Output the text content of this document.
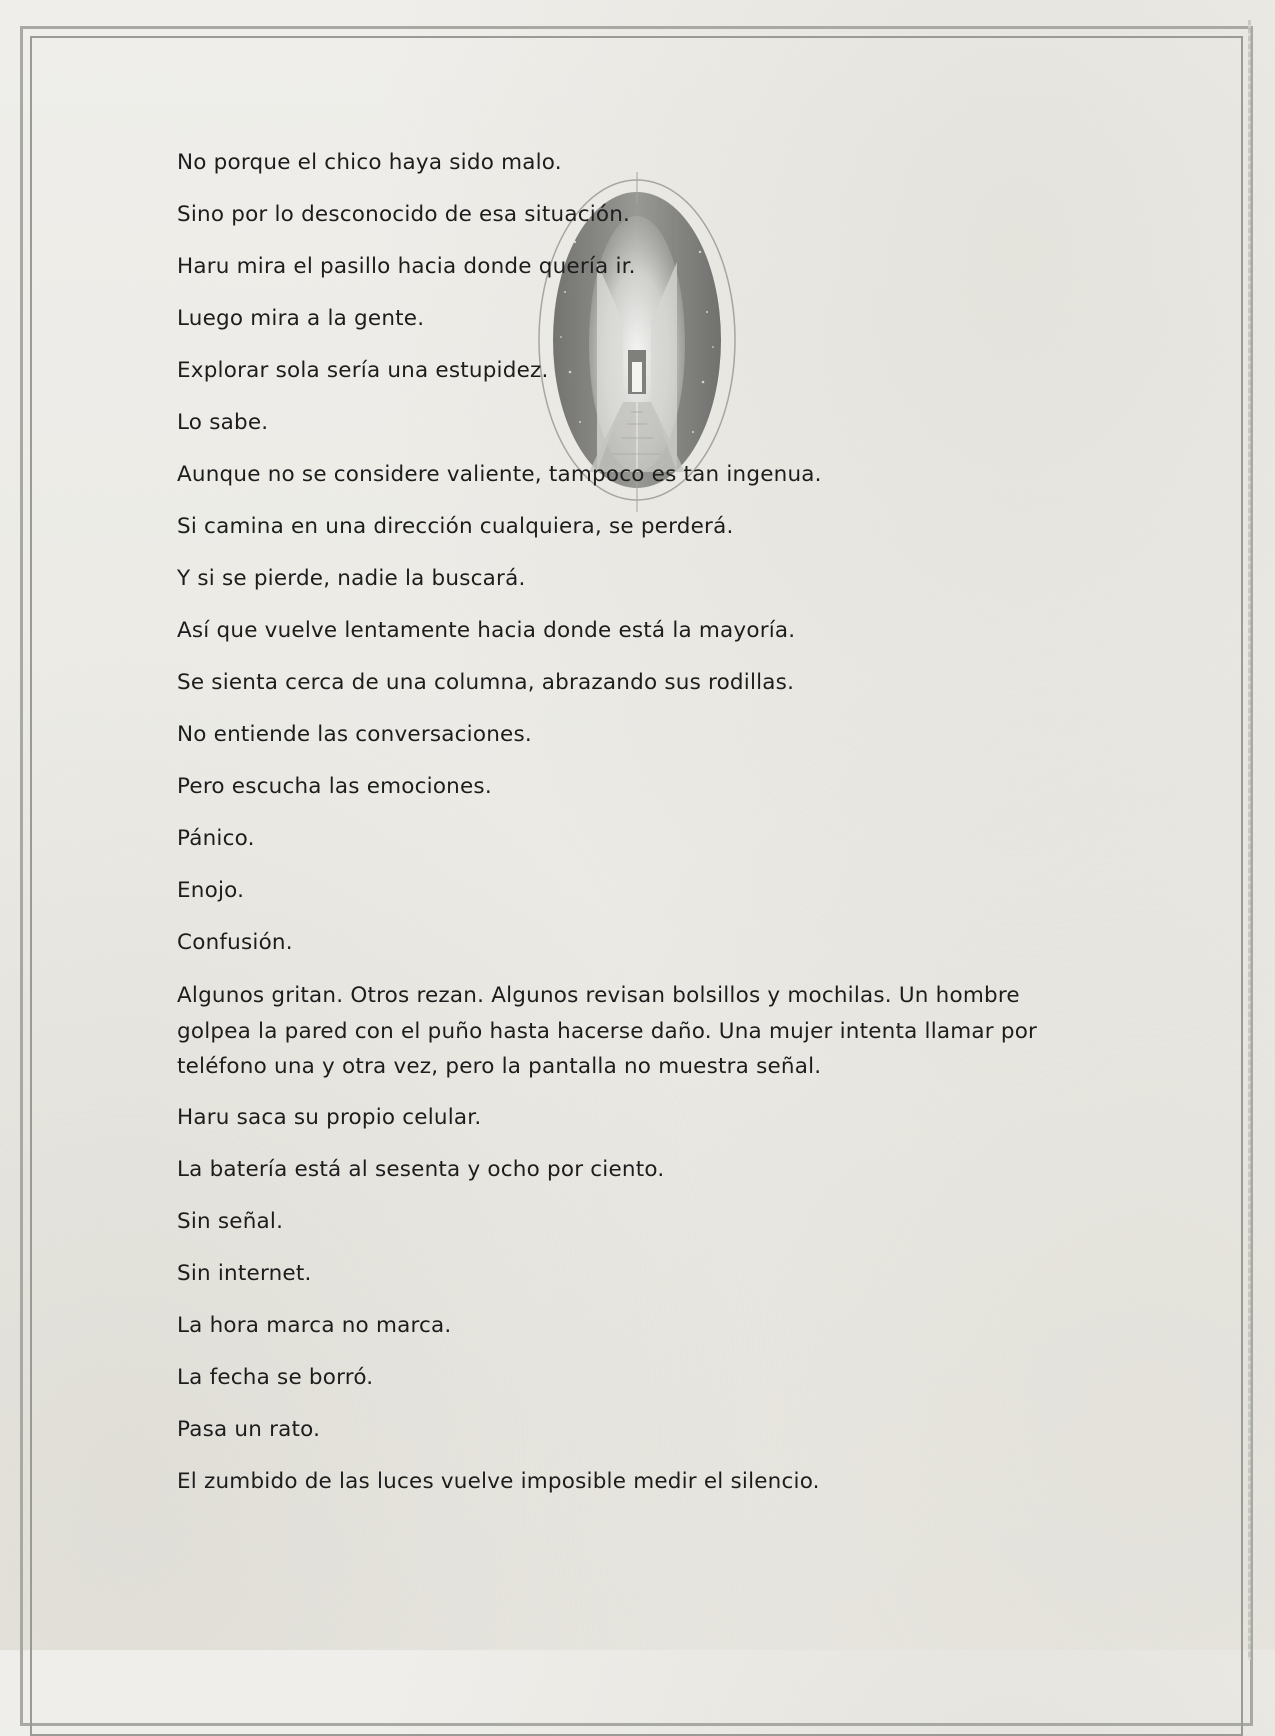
No porque el chico haya sido malo.

Sino por lo desconocido de esa situación.

Haru mira el pasillo hacia donde quería ir.

Luego mira a la gente.

Explorar sola sería una estupidez.

Lo sabe.

Aunque no se considere valiente, tampoco es tan ingenua.

Si camina en una dirección cualquiera, se perderá.

Y si se pierde, nadie la buscará.

Así que vuelve lentamente hacia donde está la mayoría.

Se sienta cerca de una columna, abrazando sus rodillas.

No entiende las conversaciones.

Pero escucha las emociones.

Pánico.

Enojo.

Confusión.

Algunos gritan. Otros rezan. Algunos revisan bolsillos y mochilas. Un hombre golpea la pared con el puño hasta hacerse daño. Una mujer intenta llamar por teléfono una y otra vez, pero la pantalla no muestra señal.

Haru saca su propio celular.

La batería está al sesenta y ocho por ciento.

Sin señal.

Sin internet.

La hora marca no marca.

La fecha se borró.

Pasa un rato.

El zumbido de las luces vuelve imposible medir el silencio.
